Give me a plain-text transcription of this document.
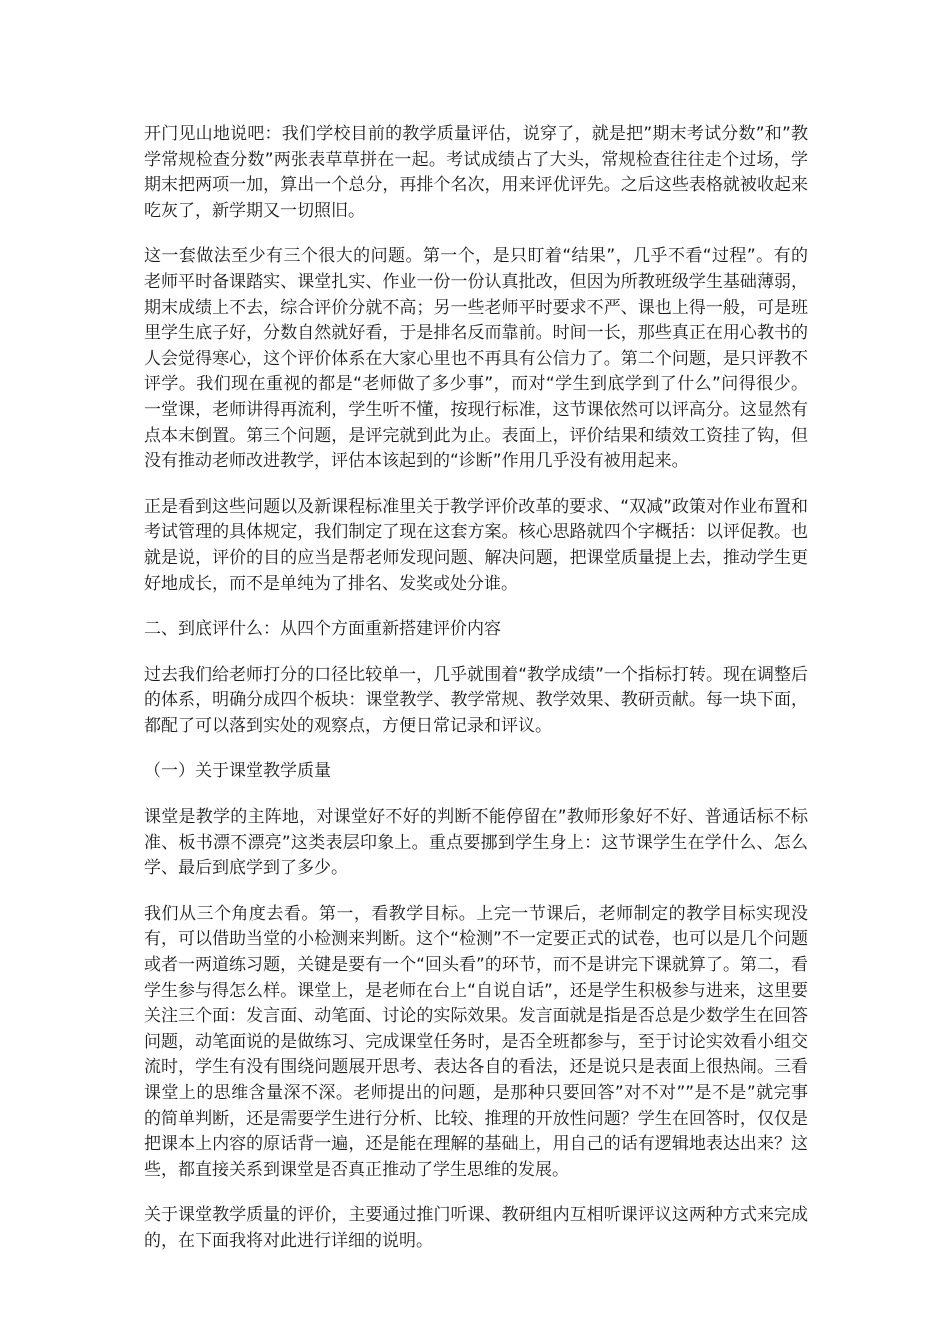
开门见山地说吧：我们学校目前的教学质量评估，说穿了，就是把”期末考试分数”和”教学常规检查分数”两张表草草拼在一起。考试成绩占了大头，常规检查往往走个过场，学期末把两项一加，算出一个总分，再排个名次，用来评优评先。之后这些表格就被收起来吃灰了，新学期又一切照旧。

这一套做法至少有三个很大的问题。第一个，是只盯着“结果”，几乎不看“过程”。有的老师平时备课踏实、课堂扎实、作业一份一份认真批改，但因为所教班级学生基础薄弱，期末成绩上不去，综合评价分就不高；另一些老师平时要求不严、课也上得一般，可是班里学生底子好，分数自然就好看，于是排名反而靠前。时间一长，那些真正在用心教书的人会觉得寒心，这个评价体系在大家心里也不再具有公信力了。第二个问题，是只评教不评学。我们现在重视的都是“老师做了多少事”，而对“学生到底学到了什么”问得很少。一堂课，老师讲得再流利，学生听不懂，按现行标准，这节课依然可以评高分。这显然有点本末倒置。第三个问题，是评完就到此为止。表面上，评价结果和绩效工资挂了钩，但没有推动老师改进教学，评估本该起到的“诊断”作用几乎没有被用起来。

正是看到这些问题以及新课程标准里关于教学评价改革的要求、“双减”政策对作业布置和考试管理的具体规定，我们制定了现在这套方案。核心思路就四个字概括：以评促教。也就是说，评价的目的应当是帮老师发现问题、解决问题，把课堂质量提上去，推动学生更好地成长，而不是单纯为了排名、发奖或处分谁。

二、到底评什么：从四个方面重新搭建评价内容

过去我们给老师打分的口径比较单一，几乎就围着“教学成绩”一个指标打转。现在调整后的体系，明确分成四个板块：课堂教学、教学常规、教学效果、教研贡献。每一块下面，都配了可以落到实处的观察点，方便日常记录和评议。

（一）关于课堂教学质量

课堂是教学的主阵地，对课堂好不好的判断不能停留在”教师形象好不好、普通话标不标准、板书漂不漂亮”这类表层印象上。重点要挪到学生身上：这节课学生在学什么、怎么学、最后到底学到了多少。

我们从三个角度去看。第一，看教学目标。上完一节课后，老师制定的教学目标实现没有，可以借助当堂的小检测来判断。这个“检测”不一定要正式的试卷，也可以是几个问题或者一两道练习题，关键是要有一个“回头看”的环节，而不是讲完下课就算了。第二，看学生参与得怎么样。课堂上，是老师在台上“自说自话”，还是学生积极参与进来，这里要关注三个面：发言面、动笔面、讨论的实际效果。发言面就是指是否总是少数学生在回答问题，动笔面说的是做练习、完成课堂任务时，是否全班都参与，至于讨论实效看小组交流时，学生有没有围绕问题展开思考、表达各自的看法，还是说只是表面上很热闹。三看课堂上的思维含量深不深。老师提出的问题，是那种只要回答”对不对””是不是”就完事的简单判断，还是需要学生进行分析、比较、推理的开放性问题？学生在回答时，仅仅是把课本上内容的原话背一遍，还是能在理解的基础上，用自己的话有逻辑地表达出来？这些，都直接关系到课堂是否真正推动了学生思维的发展。

关于课堂教学质量的评价，主要通过推门听课、教研组内互相听课评议这两种方式来完成的，在下面我将对此进行详细的说明。
